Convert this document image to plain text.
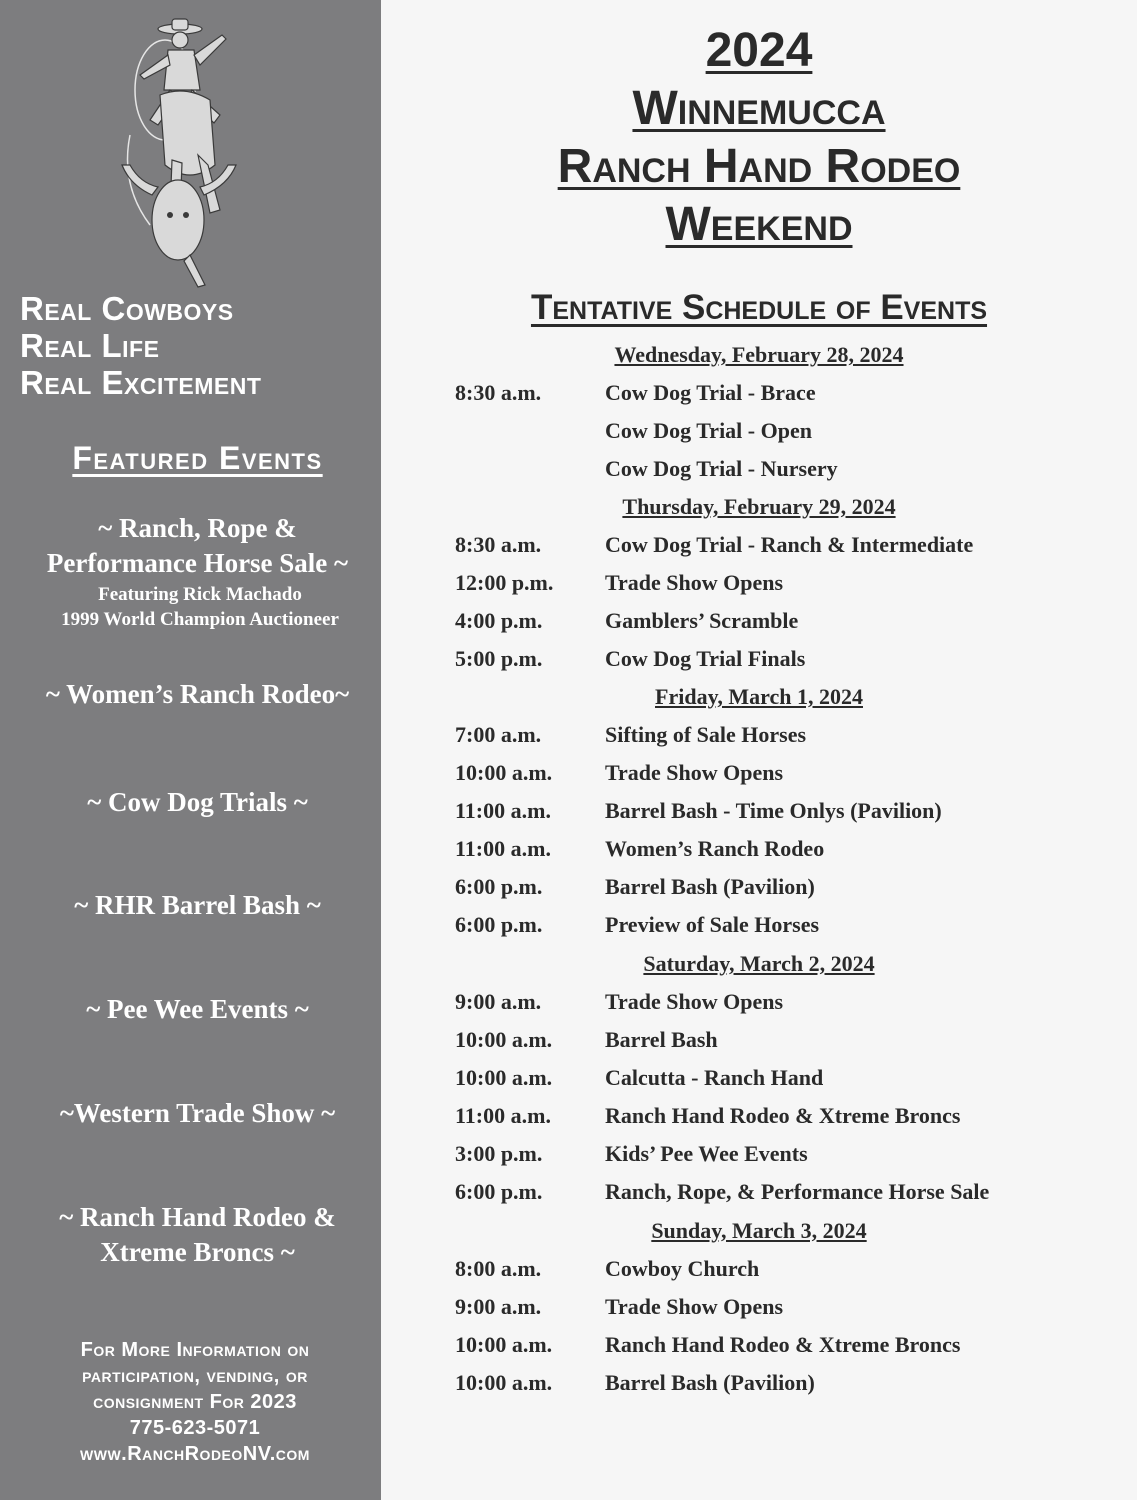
Real Cowboys
Real Life
Real Excitement
Featured Events
~ Ranch, Rope &
Performance Horse Sale ~
Featuring Rick Machado
1999 World Champion Auctioneer
~ Women’s Ranch Rodeo~
~ Cow Dog Trials ~
~ RHR Barrel Bash ~
~ Pee Wee Events ~
~Western Trade Show ~
~ Ranch Hand Rodeo &
Xtreme Broncs ~
For More Information on
participation, vending, or
consignment For 2023
775-623-5071
www.RanchRodeoNV.com
2024
Winnemucca
Ranch Hand Rodeo
Weekend
Tentative Schedule of Events
Wednesday, February 28, 2024
8:30 a.m.	Cow Dog Trial - Brace
Cow Dog Trial - Open
Cow Dog Trial - Nursery
Thursday, February 29, 2024
8:30 a.m.	Cow Dog Trial - Ranch & Intermediate
12:00 p.m. Trade Show Opens
4:00 p.m.	Gamblers’ Scramble
5:00 p.m.	Cow Dog Trial Finals
Friday, March 1, 2024
7:00 a.m.	Sifting of Sale Horses
10:00 a.m. Trade Show Opens
11:00 a.m. Barrel Bash - Time Onlys (Pavilion)
11:00 a.m. Women’s Ranch Rodeo
6:00 p.m.	Barrel Bash (Pavilion)
6:00 p.m.	Preview of Sale Horses
Saturday, March 2, 2024
9:00 a.m.	Trade Show Opens
10:00 a.m. Barrel Bash
10:00 a.m. Calcutta - Ranch Hand
11:00 a.m. Ranch Hand Rodeo & Xtreme Broncs
3:00 p.m.	Kids’ Pee Wee Events
6:00 p.m.	Ranch, Rope, & Performance Horse Sale
Sunday, March 3, 2024
8:00 a.m.	Cowboy Church
9:00 a.m.	Trade Show Opens
10:00 a.m. Ranch Hand Rodeo & Xtreme Broncs
10:00 a.m. Barrel Bash (Pavilion)
